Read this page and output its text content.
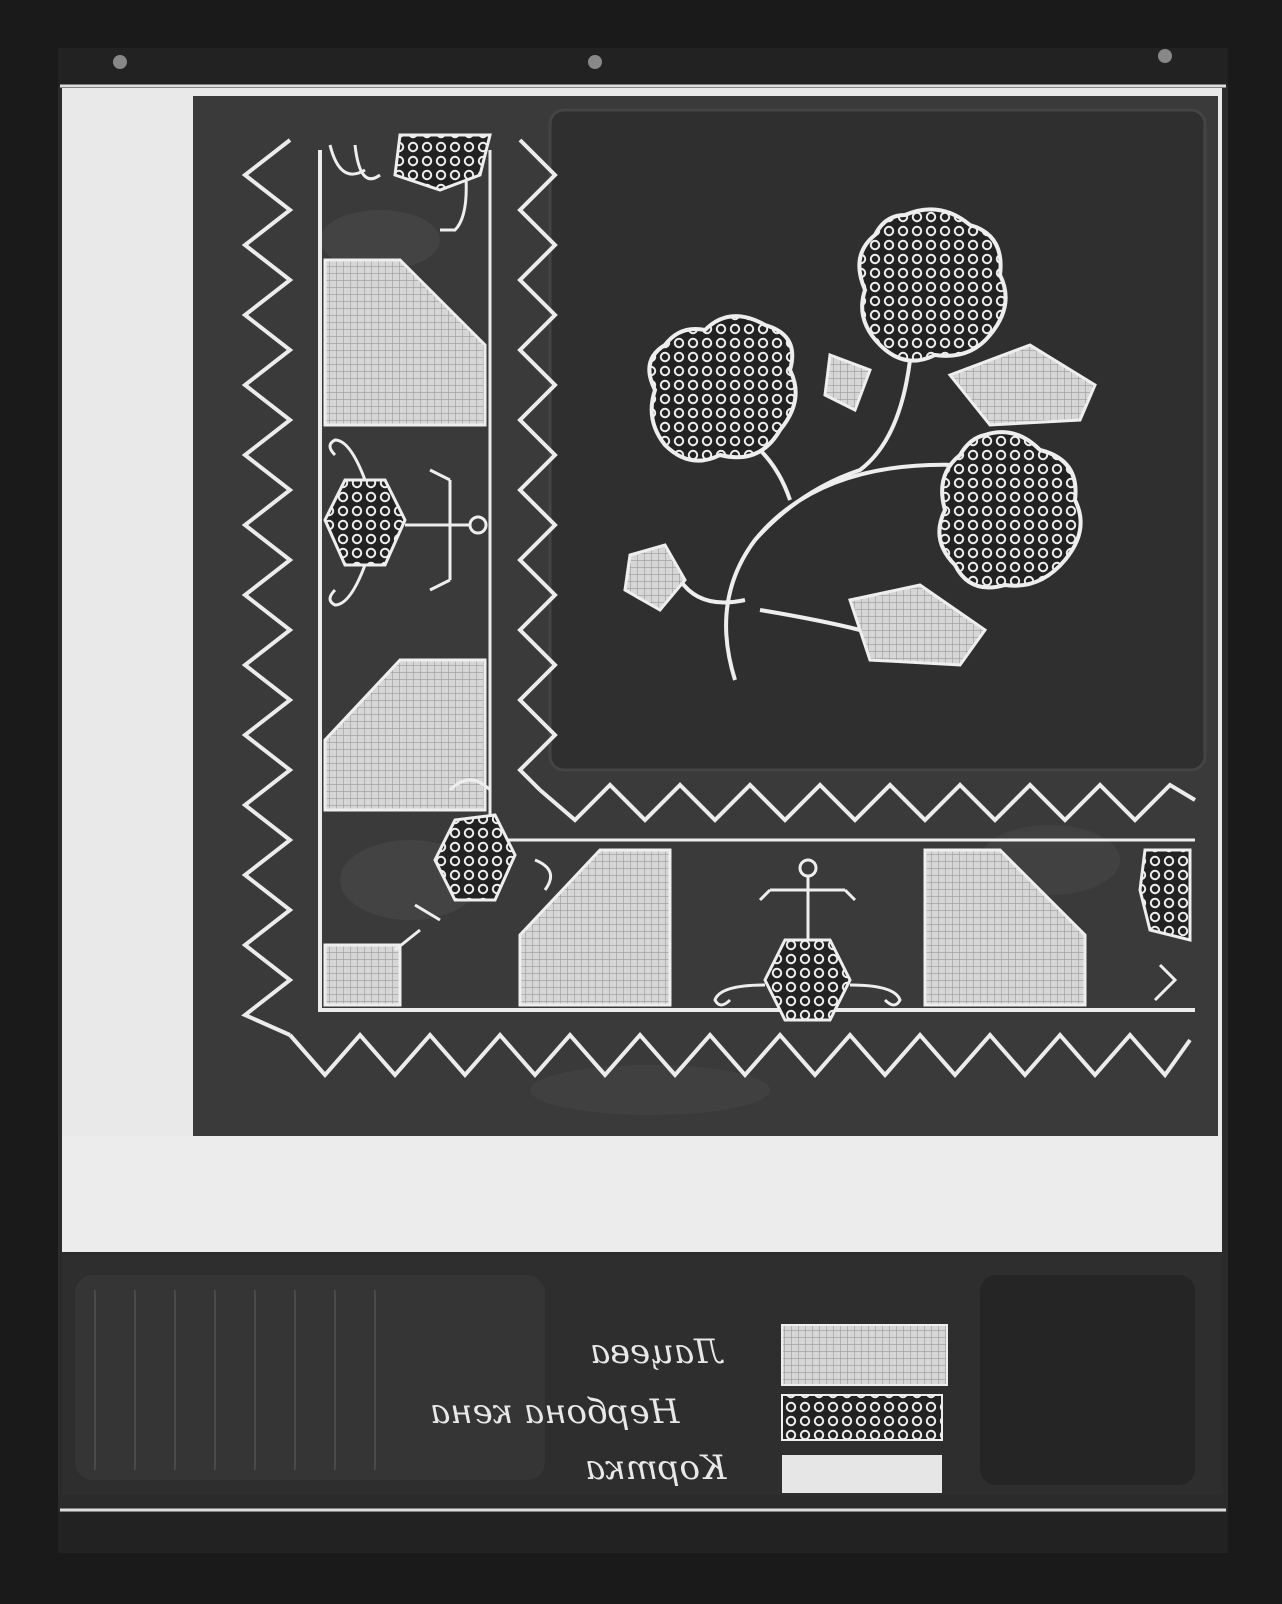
Лацева
Нербона кена
Кортка
